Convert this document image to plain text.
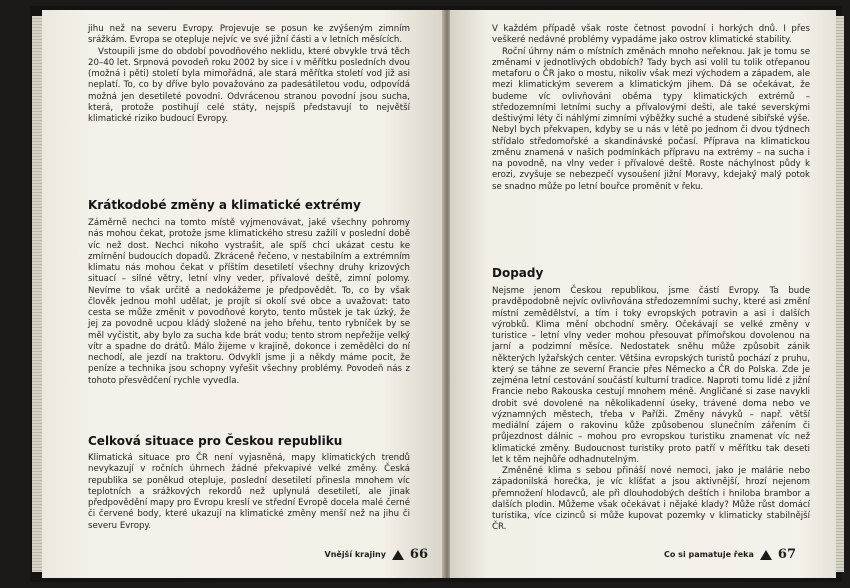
jihu než na severu Evropy. Projevuje se posun ke zvýšeným zimním srážkám. Evropa se otepluje nejvíc ve své jižní části a v letních měsících.

Vstoupili jsme do období povodňového neklidu, které obvykle trvá těch 20–40 let. Srpnová povodeň roku 2002 by sice i v měřítku posledních dvou (možná i pěti) století byla mimořádná, ale stará měřítka století vod již asi neplatí. To, co by dříve bylo považováno za padesátiletou vodu, odpovídá možná jen desetileté povodni. Odvrácenou stranou povodní jsou sucha, která, protože postihují celé státy, nejspíš představují to největší klimatické riziko budoucí Evropy.

Krátkodobé změny a klimatické extrémy

Záměrně nechci na tomto místě vyjmenovávat, jaké všechny pohromy nás mohou čekat, protože jsme klimatického stresu zažili v poslední době víc než dost. Nechci nikoho vystrašit, ale spíš chci ukázat cestu ke zmírnění budoucích dopadů. Zkráceně řečeno, v nestabilním a extrémním klimatu nás mohou čekat v příštím desetiletí všechny druhy krizových situací – silné větry, letní vlny veder, přívalové deště, zimní polomy. Nevíme to však určitě a nedokážeme je předpovědět. To, co by však člověk jednou mohl udělat, je projít si okolí své obce a uvažovat: tato cesta se může změnit v povodňové koryto, tento můstek je tak úzký, že jej za povodně ucpou kládý složené na jeho břehu, tento rybníček by se měl vyčistit, aby bylo za sucha kde brát vodu; tento strom nepřežije velký vítr a spadne do drátů. Málo žijeme v krajině, dokonce i zemědělci do ní nechodí, ale jezdí na traktoru. Odvykli jsme ji a někdy máme pocit, že peníze a technika jsou schopny vyřešit všechny problémy. Povodeň nás z tohoto přesvědčení rychle vyvedla.

Celková situace pro Českou republiku

Klimatická situace pro ČR není vyjasněná, mapy klimatických trendů nevykazují v ročních úhrnech žádné překvapivé velké změny. Česká republika se poněkud otepluje, poslední desetiletí přinesla mnohem víc teplotních a srážkových rekordů než uplynulá desetiletí, ale jinak předpovědění mapy pro Evropu kreslí ve střední Evropě docela malé černé či červené body, které ukazují na klimatické změny menší než na jihu či severu Evropy.

Vnější krajiny 66

V každém případě však roste četnost povodní i horkých dnů. I přes veškeré nedávné problémy vypadáme jako ostrov klimatické stability.

Roční úhrny nám o místních změnách mnoho neřeknou. Jak je tomu se změnami v jednotlivých obdobích? Tady bych asi volil tu tolik otřepanou metaforu o ČR jako o mostu, nikoliv však mezi východem a západem, ale mezi klimatickým severem a klimatickým jihem. Dá se očekávat, že budeme víc ovlivňováni oběma typy klimatických extrémů – středozemními letními suchy a přívalovými dešti, ale také severskými deštivými léty či náhlými zimními výběžky suché a studené sibiřské výše. Nebyl bych překvapen, kdyby se u nás v létě po jednom či dvou týdnech střídalo středomořské a skandinávské počasí. Příprava na klimatickou změnu znamená v našich podmínkách přípravu na extrémy – na sucha i na povodně, na vlny veder i přívalové deště. Roste náchylnost půdy k erozi, zvyšuje se nebezpečí vysoušení jižní Moravy, kdejaký malý potok se snadno může po letní bouřce proměnit v řeku.

Dopady

Nejsme jenom Českou republikou, jsme částí Evropy. Ta bude pravděpodobně nejvíc ovlivňována středozemními suchy, které asi změní místní zemědělství, a tím i toky evropských potravin a asi i dalších výrobků. Klima mění obchodní směry. Očekávají se velké změny v turistice – letní vlny veder mohou přesouvat přímořskou dovolenou na jarní a podzimní měsíce. Nedostatek sněhu může způsobit zánik některých lyžařských center. Většina evropských turistů pochází z pruhu, který se táhne ze severní Francie přes Německo a ČR do Polska. Zde je zejména letní cestování součástí kulturní tradice. Naproti tomu lidé z jižní Francie nebo Rakouska cestují mnohem méně. Angličané si zase navykli drobit své dovolené na několikadenní úseky, trávené doma nebo ve významných městech, třeba v Paříži. Změny návyků – např. větší mediální zájem o rakovinu kůže způsobenou slunečním zářením či průjezdnost dálnic – mohou pro evropskou turistiku znamenat víc než klimatické změny. Budoucnost turistiky proto patří v měřítku tak deseti let k těm nejhůře odhadnutelným.

Změněné klima s sebou přináší nové nemoci, jako je malárie nebo západonilská horečka, je víc klíšťat a jsou aktivnější, hrozí nejenom přemnožení hlodavců, ale při dlouhodobých deštích i hniloba brambor a dalších plodin. Můžeme však očekávat i nějaké klady? Může růst domácí turistika, více cizinců si může kupovat pozemky v klimaticky stabilnější ČR.

Co si pamatuje řeka 67
